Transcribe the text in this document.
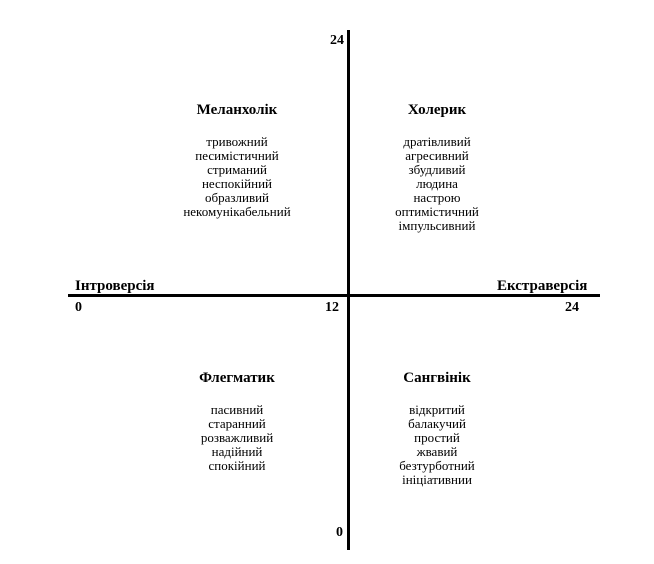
24
0
Інтроверсія	Екстраверсія
0	12	24
Меланхолік
тривожний
песимістичний
стриманий
неспокійний
образливий
некомунікабельний
Холерик
дратівливий
агресивний
збудливий
людина
настрою
оптимістичний
імпульсивний
Флегматик
пасивний
старанний
розважливий
надійний
спокійний
Сангвінік
відкритий
балакучий
простий
жвавий
безтурботний
ініціативнии
